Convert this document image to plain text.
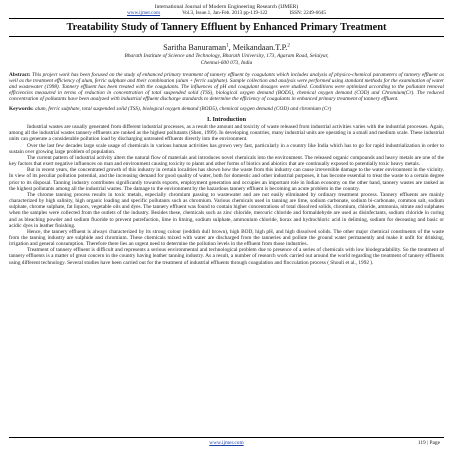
International Journal of Modern Engineering Research (IJMER)
www.ijmer.com	Vol.3, Issue.1, Jan-Feb. 2013 pp-119-122	ISSN: 2249-6645
Treatability Study of Tannery Effluent by Enhanced Primary Treatment
Saritha Banuraman$^1$, Meikandaan.T.P.$^2$
Bharath Institute of Science and Technology, Bharath University, 173, Agaram Road, Selaiyur,
Chennai-600 073, India

Abstract: This project work has been focused on the study of enhanced primary treatment of tannery effluent by coagulants which includes analysis of physico-chemical parameters of tannery effluent as well as the treatment efficiency of alum, ferric sulphate and their combination (alum + ferric sulphate). Sample collection and analysis were performed using standard methods for the examination of water and wastewater (1998). Tannery effluent has been treated with the coagulants. The influences of pH and coagulant dosages were studied. Conditions were optimized according to the pollutant removal efficiencies measured in terms of reduction in concentration of total suspended solid (TSS), biological oxygen demand (BOD5), chemical oxygen demand (COD) and Chromium(Cr). The reduced concentration of pollutants have been analyzed with industrial effluent discharge standards to determine the efficiency of coagulants in enhanced primary treatment of tannery effluent.

Keywords: alum, ferric sulphate, total suspended solid (TSS), biological oxygen demand (BOD5), chemical oxygen demand (COD) and chromium (Cr)

I. Introduction

Industrial wastes are usually generated from different industrial processes, as a result the amount and toxicity of waste released from industrial activities varies with the industrial processes. Again, among all the industrial wastes tannery effluents are ranked as the highest pollutants (Shen, 1999). In developing countries, many industrial units are operating in a small and medium scale. These industrial units can generate a considerable pollution load by discharging untreated effluents directly into the environment.

Over the last few decades large scale usage of chemicals in various human activities has grown very fast, particularly in a country like India which has to go for rapid industrialization in order to sustain over growing large problem of population.

The current pattern of industrial activity alters the natural flow of materials and introduces novel chemicals into the environment. The released organic compounds and heavy metals are one of the key factors that exert negative influences on man and environment causing toxicity to plants and other forms of biotics and abiotics that are continually exposed to potentially toxic heavy metals.

But in recent years, the concentrated growth of this industry in certain localities has shown how the waste from this industry can cause irreversible damage to the water environment in the vicinity. In view of its peculiar pollution potential, and the increasing demand for good quality of water, both for domestic and other industrial purposes, it has become essential to treat the waste to a certain degree prior to its disposal. Tanning industry contributes significantly towards exports, employment generation and occupies an important role in Indian economy on the other hand, tannery wastes are ranked as the highest pollutants among all the industrial wastes. The damage to the environment by the hazardous tannery effluent is becoming an acute problem in the country.

The chrome tanning process results in toxic metals, especially chromium passing to wastewater and are not easily eliminated by ordinary treatment process. Tannery effluents are mainly characterized by high salinity, high organic loading and specific pollutants such as chromium. Various chemicals used in tanning are lime, sodium carbonate, sodium bi-carbonate, common salt, sodium sulphate, chrome sulphate, fat liquors, vegetable oils and dyes. The tannery effluent was found to contain higher concentrations of total dissolved solids, chromium, chloride, ammonia, nitrate and sulphates when the samples were collected from the outlets of the industry. Besides these, chemicals such as zinc chloride, mercuric chloride and formaldehyde are used as disinfectants, sodium chloride in curing and as bleaching powder and sodium fluoride to prevent putrefaction, lime in liming, sodium sulphate, ammonium chloride, borax and hydrochloric acid in deliming, sodium for deceasing and basic or acidic dyes in leather finishing.

Hence, the tannery effluent is always characterized by its strong colour (reddish dull brown), high BOD, high pH, and high dissolved solids. The other major chemical constituents of the waste from the tanning industry are sulphide and chromium. These chemicals mixed with water are discharged from the tanneries and pollute the ground water permanently and make it unfit for drinking, irrigation and general consumption. Therefore there lies an urgent need to determine the pollution levels in the effluent from those industries.

Treatment of tannery effluent is difficult and represents a serious environmental and technological problem due to presence of a series of chemicals with low biodegradability. So the treatment of tannery effluents is a matter of great concern in the country having leather tanning industry. As a result, a number of research work carried out around the world regarding the treatment of tannery effluents using different technology. Several studies have been carried out for the treatment of industrial effluents through coagulation and flocculation process ( Shouli et al., 1992 ).

www.ijmer.com	119 | Page
